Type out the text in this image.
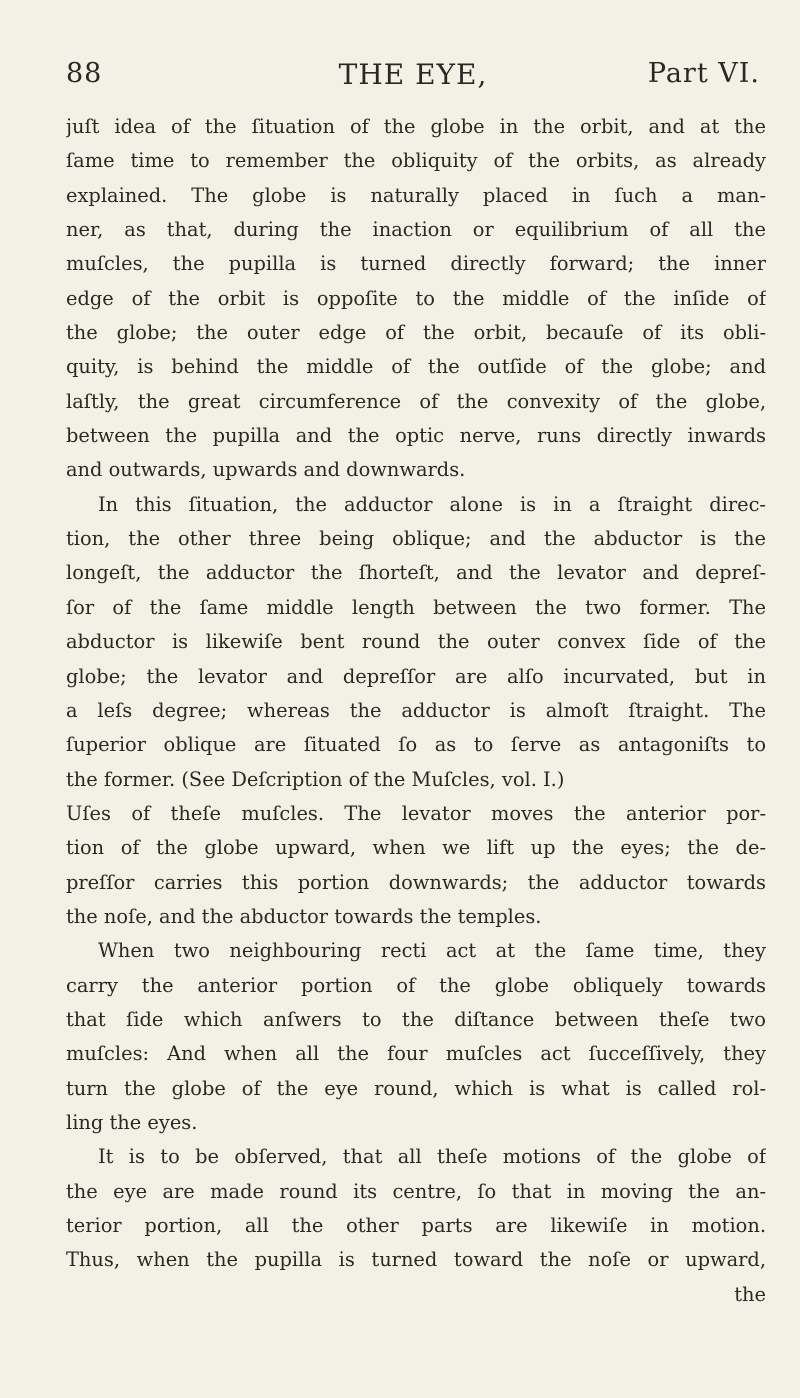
88	THE EYE,	Part VI.
juſt idea of the ſituation of the globe in the orbit, and at the
ſame time to remember the obliquity of the orbits, as already
explained. The globe is naturally placed in ſuch a man-
ner, as that, during the inaction or equilibrium of all the
muſcles, the pupilla is turned directly forward; the inner
edge of the orbit is oppoſite to the middle of the inſide of
the globe; the outer edge of the orbit, becauſe of its obli-
quity, is behind the middle of the outſide of the globe; and
laſtly, the great circumference of the convexity of the globe,
between the pupilla and the optic nerve, runs directly inwards
and outwards, upwards and downwards.
In this ſituation, the adductor alone is in a ſtraight direc-
tion, the other three being oblique; and the abductor is the
longeſt, the adductor the ſhorteſt, and the levator and depreſ-
ſor of the ſame middle length between the two former. The
abductor is likewiſe bent round the outer convex ſide of the
globe; the levator and depreſſor are alſo incurvated, but in
a leſs degree; whereas the adductor is almoſt ſtraight. The
ſuperior oblique are ſituated ſo as to ſerve as antagoniſts to
the former. (See Deſcription of the Muſcles, vol. I.)
Uſes of theſe muſcles. The levator moves the anterior por-
tion of the globe upward, when we lift up the eyes; the de-
preſſor carries this portion downwards; the adductor towards
the noſe, and the abductor towards the temples.
When two neighbouring recti act at the ſame time, they
carry the anterior portion of the globe obliquely towards
that ſide which anſwers to the diſtance between theſe two
muſcles: And when all the four muſcles act ſucceſſively, they
turn the globe of the eye round, which is what is called rol-
ling the eyes.
It is to be obſerved, that all theſe motions of the globe of
the eye are made round its centre, ſo that in moving the an-
terior portion, all the other parts are likewiſe in motion.
Thus, when the pupilla is turned toward the noſe or upward,
the
